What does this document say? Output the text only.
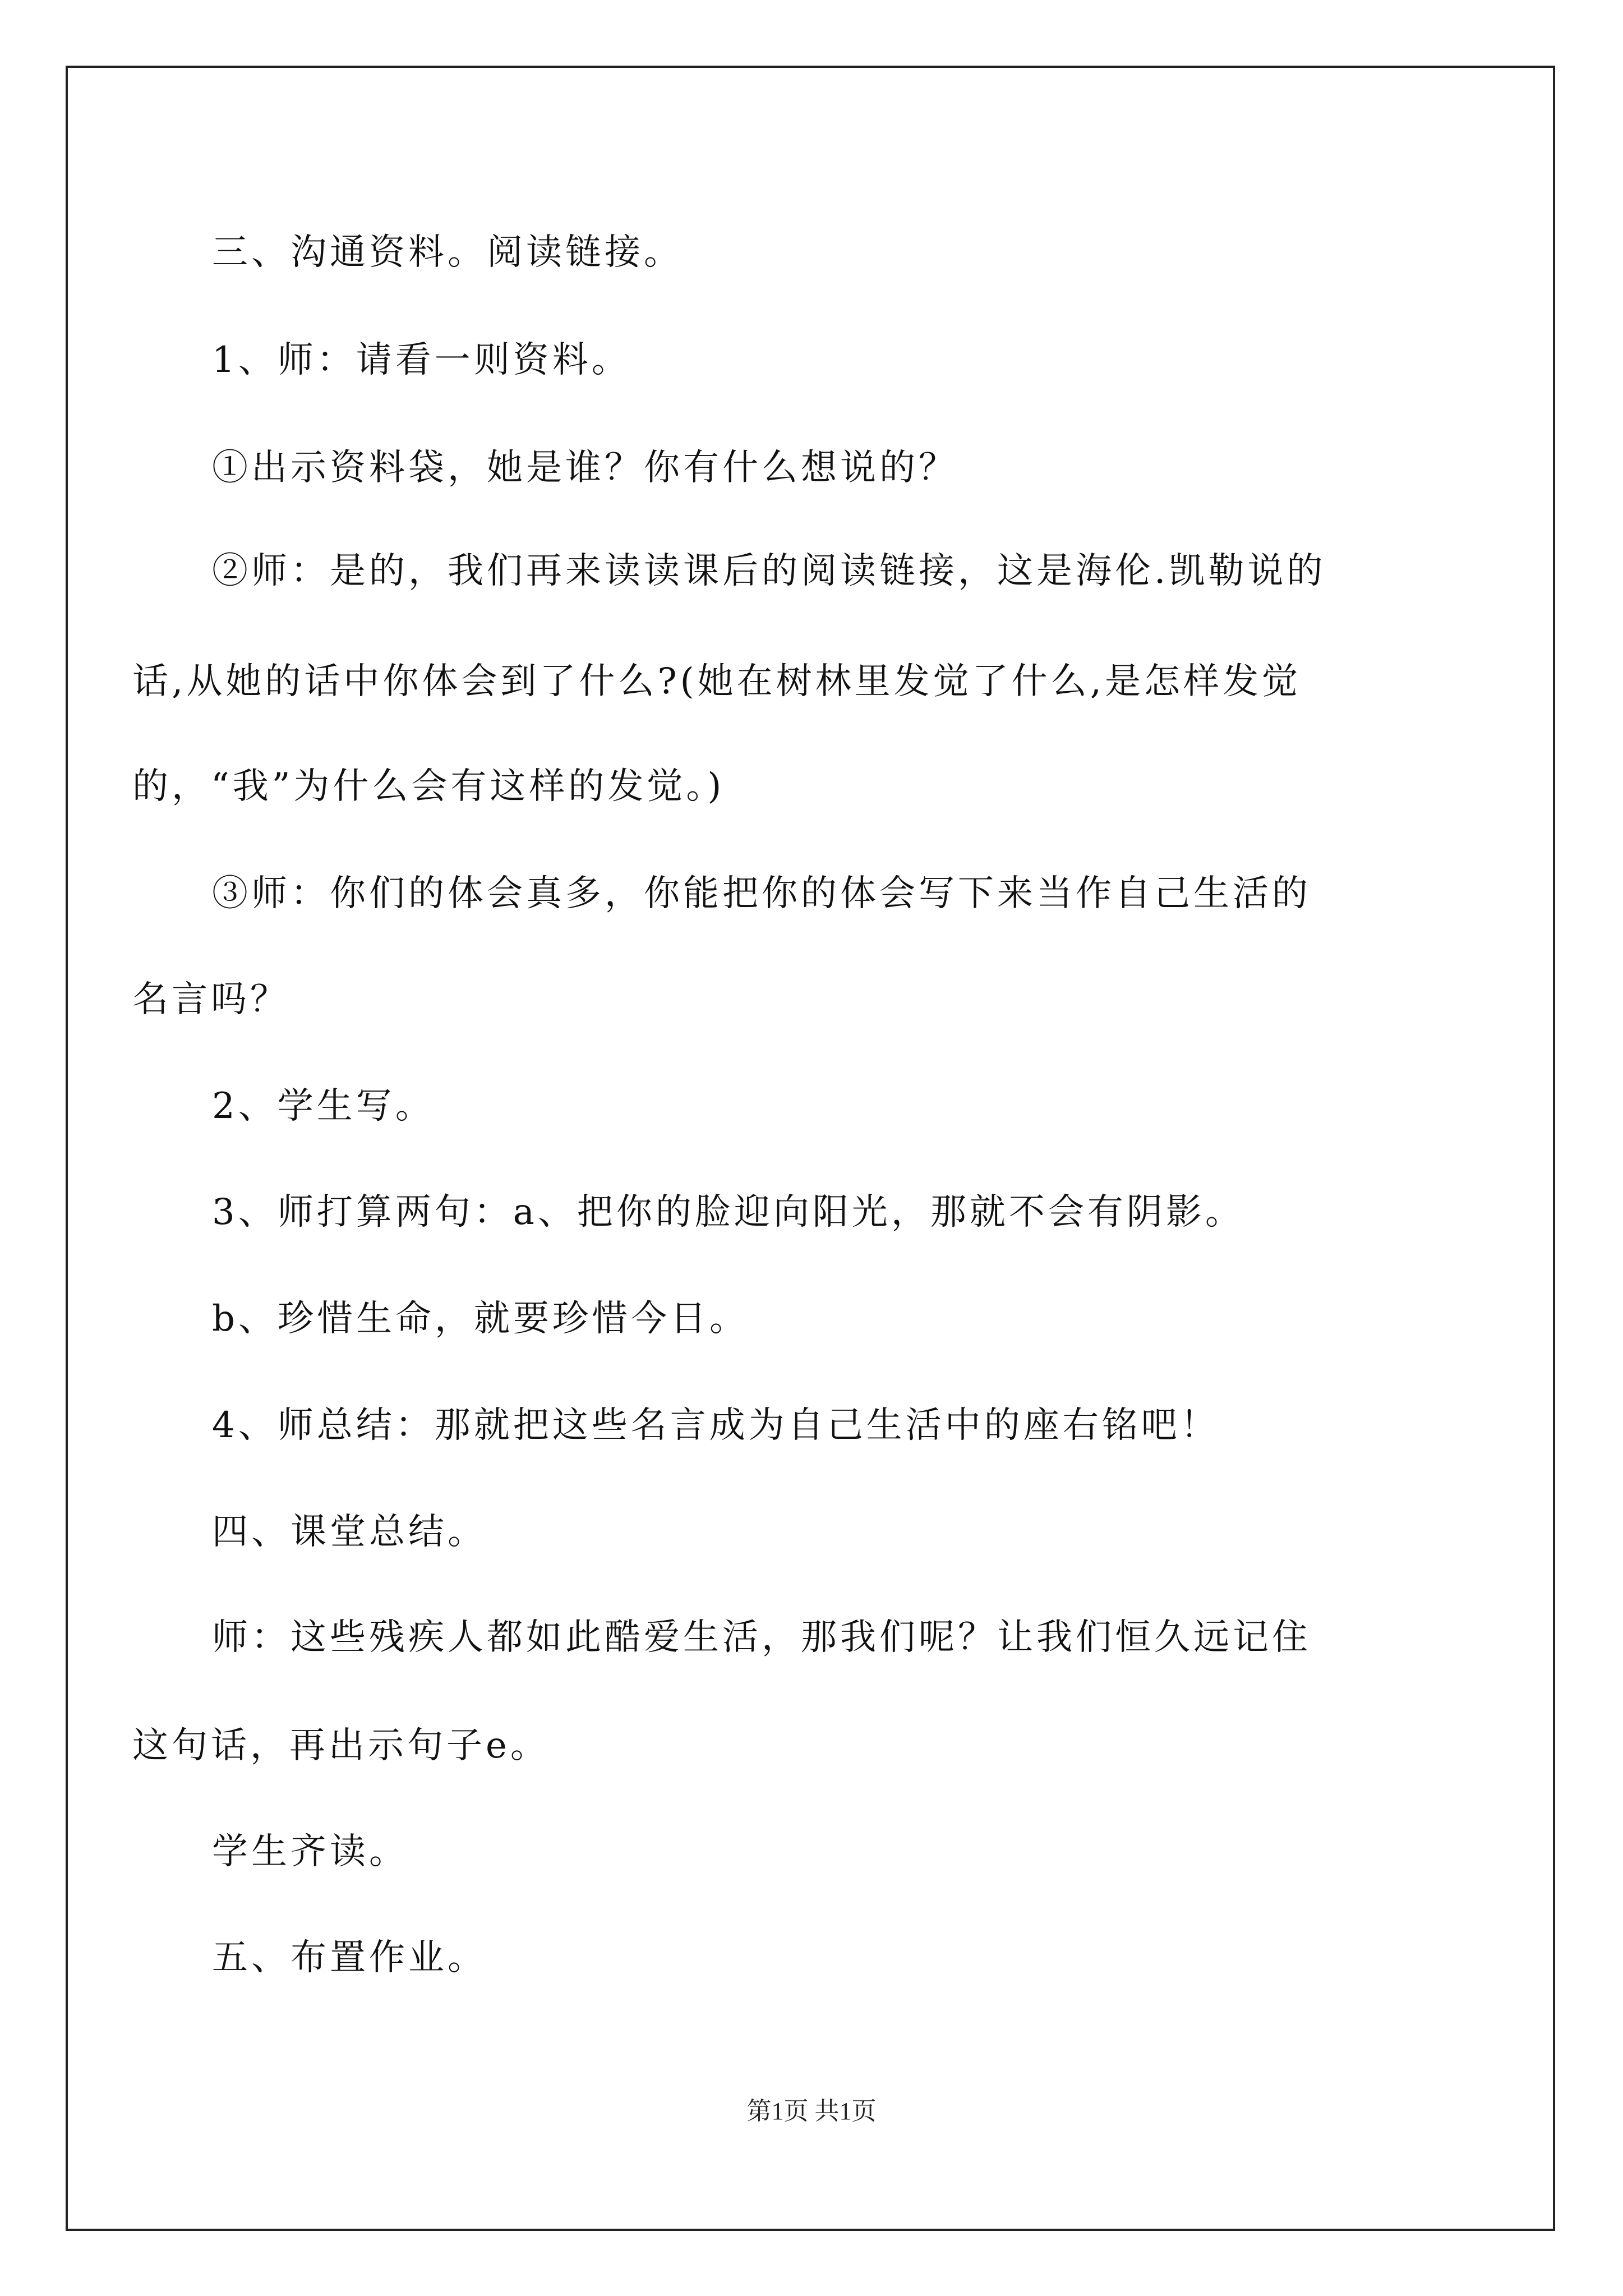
三、沟通资料。阅读链接。
1、师：请看一则资料。
①出示资料袋，她是谁？你有什么想说的？
②师：是的，我们再来读读课后的阅读链接，这是海伦.凯勒说的
话,从她的话中你体会到了什么?(她在树林里发觉了什么,是怎样发觉
的，“我”为什么会有这样的发觉。)
③师：你们的体会真多，你能把你的体会写下来当作自己生活的
名言吗？
2、学生写。
3、师打算两句：a、把你的脸迎向阳光，那就不会有阴影。
b、珍惜生命，就要珍惜今日。
4、师总结：那就把这些名言成为自己生活中的座右铭吧！
四、课堂总结。
师：这些残疾人都如此酷爱生活，那我们呢？让我们恒久远记住
这句话，再出示句子e。
学生齐读。
五、布置作业。
第1页 共1页
